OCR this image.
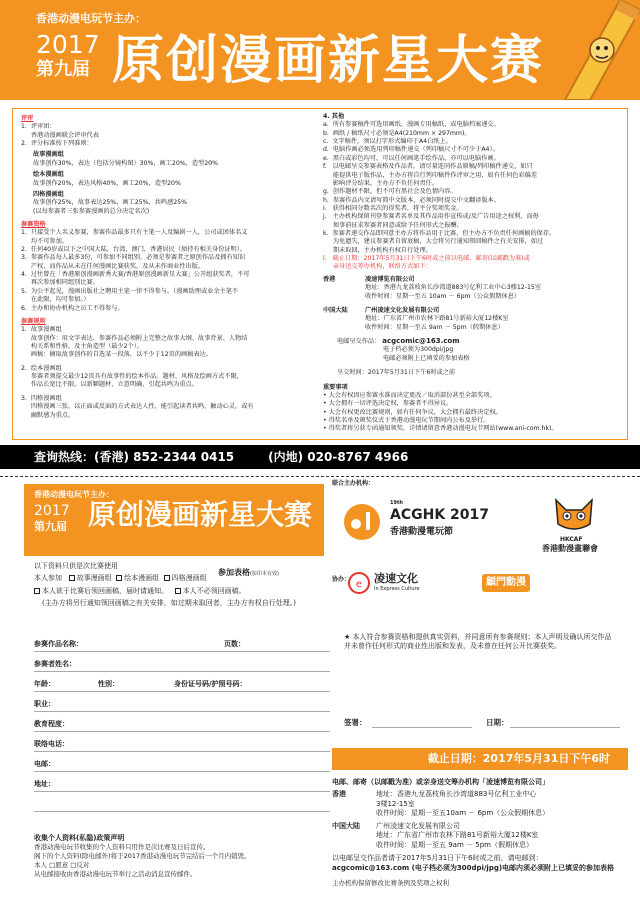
香港动漫电玩节主办：
2017
第九届 原创漫画新星大赛
评审
1.  评审团：
香港动漫画联会评审代表
2.  评分标准按下列准则：
故事漫画组
故事创作30%，表达（包括分镜构图）30%，画工20%，造型20%
绘本漫画组
故事创作20%，表达风格40%，画工20%，造型20%
四格漫画组
故事创作25%，故事表达25%，画工25%，共鸣感25%
(以每参赛者三张参赛漫画的总分决定名次)
参赛资格
1.  只接受个人名义参赛，参赛作品最多只有主笔一人及编剧一人，公司或团体名义
均不可参加。
2.  任何40岁或以下之中国大陆，台湾，澳门，香港居民（须持有相关身份证明）。
3.  参赛作品每人最多3份，可参加不同组别，必须是参赛者之原创作品及拥有知识
产权，而作品从未在任何漫画比赛获奖，及从未作商业性出版。
4.  过往曾在「香港原创漫画新秀大赛/香港原创漫画新星大赛」公开组获奖者，不可
再次参加相同组别比赛。
5.  为公平起见，漫画出版社之聘用主笔一律不得参与。（漫画助理或业余主笔不
在此限，均可参加。）
6.  主办和协办机构之员工不得参与。
参赛规则
1.  故事漫画组
故事创作：用文字表达，参赛作品必须附上完整之故事大纲、故事背景、人物结
构关系和性格，及主角造型（最少2个）。
画稿：摘取故事创作的自选某一段落，以不少于12页的画稿表达。
2.  绘本漫画组
参赛者须提交最少12页具有故事性的绘本作品。题材、风格及绘画方式不限，
作品长宽比不限。以新颖题材、立意明确、引起共鸣为重点。
3.  四格漫画组
四格漫画三张，以正面或反面的方式表达人性，能引起读者共鸣、触动心灵，或有
幽默感为重点。
4. 其他
a.  所有参赛稿件可选用画纸、漫画专用稿纸，或电脑档案递交。
b.  画纸 / 稿纸尺寸必须是A4(210mm × 297mm)。
c.  文字稿件，须以打字形式编印于A4白纸上。
d.  电脑作画必须选用列印稿件递交（列印稿尺寸不可少于A4）。
e.  黑白或彩色均可，可以任何画笔手绘作品，亦可以电脑作画。
f.   以电邮呈交参赛表格及作品者，请尽量连同作品原稿/列印稿件递交，如只
能提供电子版作品，主办方将自行列印稿件作评审之用，如有任何色彩偏差
影响评分结果，主办方不负任何责任。
g.  创作题材不限，但不可有黑社会及色情内容。
h.  参赛作品内文请写简中文版本，必须同时提交中文翻译版本。
i.   获得相同分数名次的得奖者，将平分奖项奖金。
j.   主办机构保留刊登参赛者名单及其作品用作宣传或/及广告用途之权利，而毋
须事前征求参赛者同意或给予任何形式之报酬。
k.  参赛者递交作品即同意主办方将作品用于比赛，但主办方不负责任何画稿的保存。
为免遗失，建议参赛者自留底稿，大会将另行通知领回稿件之有关安排，如过
期未取回，主办机构有权自行处理。
l.   截止日期：2017年5月31日下午6时或之前以电邮、邮寄(以邮戳为准)或
亲身送交筹办机构，联络方式如下：
香港	凌速博览有限公司
地址：香港九龙荔枝角长沙湾道883号亿利工业中心3楼12-15室
收件时间：星期一至五 10am － 6pm（公众假期休息）
中国大陆	广州凌速文化发展有限公司
地址：广东省广州市农林下路81号新裕大厦12楼K室
收件时间：星期一至五 9am － 5pm（假期休息）
电邮呈交作品： acgcomic@163.com
电子档必须为300dpi/jpg
电邮必须附上已填妥的参加表格
呈交时间：2017年5月31日下午6时或之前
重要事项
• 大会有权因应参赛水准而决定更改／取消部份甚至全部奖项。
• 大会拥有一切评选决定权，参赛者不得异议。
• 大会有权更改比赛规则，如有任何争议，大会拥有最终决定权。
• 得奖名单及颁奖仪式于香港动漫电玩节期间内公布及举行。
• 得奖者将另获专函通知领奖，详情请留意香港动漫电玩节网站(www.ani-com.hk)。
查询热线：(香港) 852-2344 0415	(内地) 020-8767 4966
香港动漫电玩节主办：
2017
第九届 原创漫画新星大赛
参加表格(影印本有效)
以下资料只供是次比赛使用
本人参加 故事漫画组 绘本漫画组 四格漫画组
本人欲于比赛后领回画稿，届时请通知。 本人不必领回画稿。
(主办方将另行通知领回画稿之有关安排，如过期未取回者，主办方有权自行处理。)
参赛作品名称：	页数：
参赛者姓名：
年龄：	性别：	身份证号码/护照号码：
职业：
教育程度：
联络电话：
电邮：
地址：
收集个人资料(私隐)政策声明
香港动漫电玩节收集的个人资料只用作是次比赛及日后宣传。
阁下的个人资料(除电邮外)将于2017香港动漫电玩节完结后一个月内销毁。
本人 □愿意 □反对
从电邮接收由香港动漫电玩节举行之活动消息宣传邮件。
联合主办机构：
19th
ACGHK 2017
香港動漫電玩節
HKCAF
香港動漫畫聯會
协办： e 凌速文化
In Express Culture
顧門動漫
★ 本人符合参赛资格和提供真实资料，并同意所有参赛规则；本人声明及确认所交作品并未曾作任何形式的商业性出版和发表，及未曾在任何公开比赛获奖。
签署：	日期：
截止日期：2017年5月31日下午6时
电邮、邮寄（以邮戳为准）或亲身送交筹办机构「凌速博览有限公司」
香港	地址：香港九龙荔枝角长沙湾道883号亿利工业中心
3楼12-15室
收件时间：星期一至五10am － 6pm（公众假期休息）
中国大陆	广州凌速文化发展有限公司
地址：广东省广州市农林下路81号新裕大厦12楼K室
收件时间：星期一至五 9am － 5pm（假期休息）
以电邮呈交作品者请于2017年5月31日下午6时或之前，请电邮到：
acgcomic@163.com (电子档必须为300dpi/jpg)电邮内须必须附上已填妥的参加表格
主办机构保留修改比赛条例及奖项之权利
